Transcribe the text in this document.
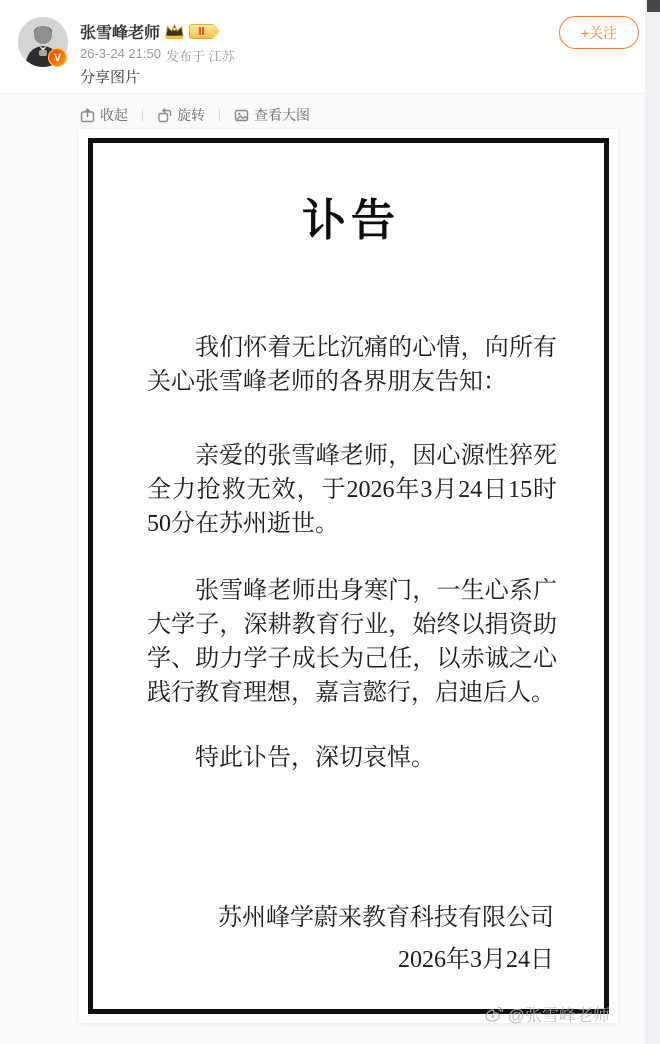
V
张雪峰老师	Ⅱ
26-3-24 21:50 发布于 江苏
+关注
分享图片
收起	旋转	查看大图
讣告

我们怀着无比沉痛的心情，向所有关心张雪峰老师的各界朋友告知：

亲爱的张雪峰老师，因心源性猝死全力抢救无效，于2026年3月24日15时50分在苏州逝世。

张雪峰老师出身寒门，一生心系广大学子，深耕教育行业，始终以捐资助学、助力学子成长为己任，以赤诚之心践行教育理想，嘉言懿行，启迪后人。

特此讣告，深切哀悼。

苏州峰学蔚来教育科技有限公司
2026年3月24日
@张雪峰老师
